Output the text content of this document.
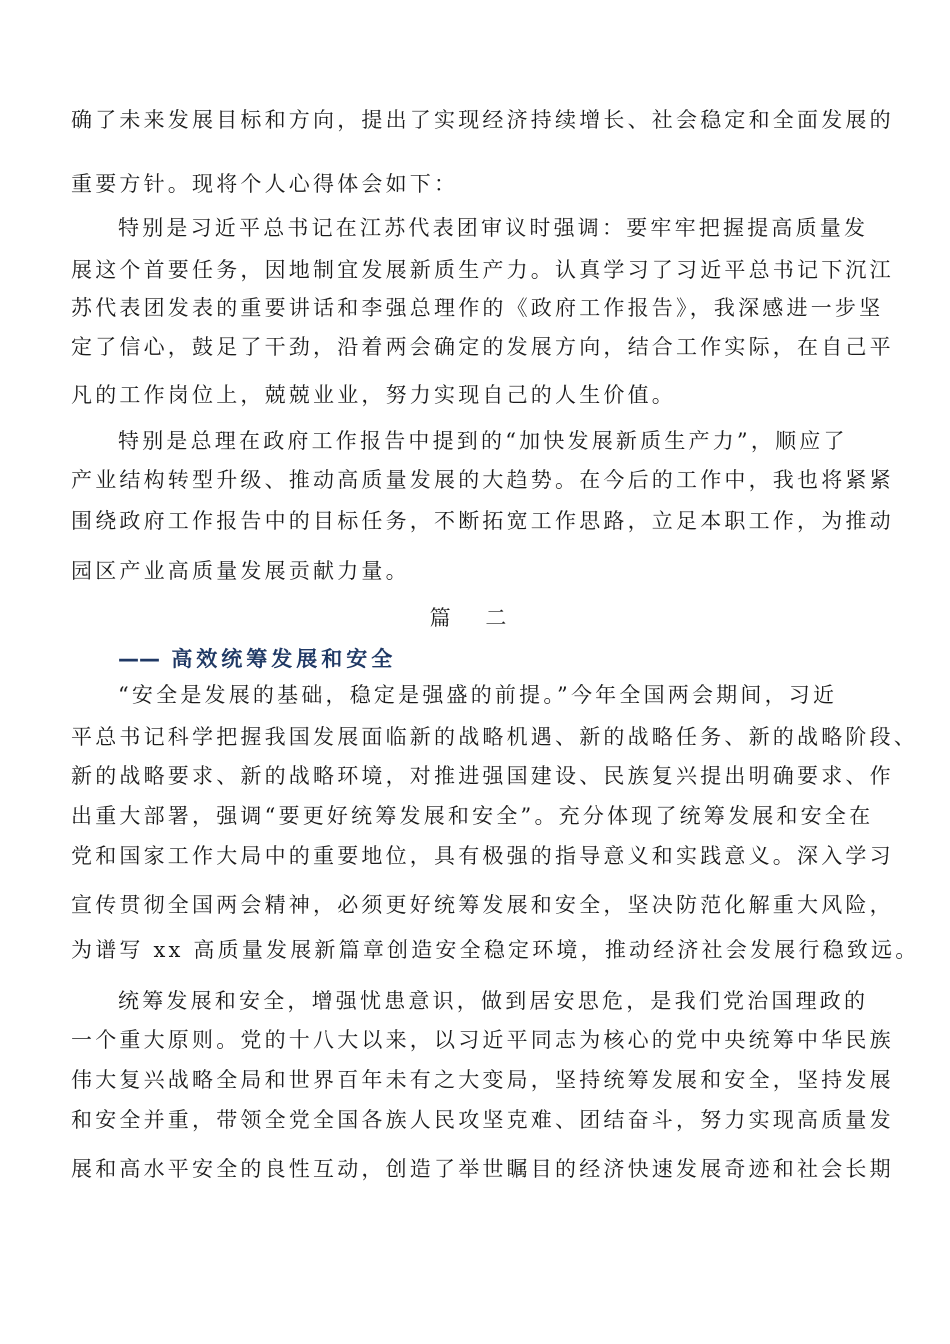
确了未来发展目标和方向，提出了实现经济持续增长、社会稳定和全面发展的
重要方针。现将个人心得体会如下：
特别是习近平总书记在江苏代表团审议时强调：要牢牢把握提高质量发
展这个首要任务，因地制宜发展新质生产力。认真学习了习近平总书记下沉江
苏代表团发表的重要讲话和李强总理作的《政府工作报告》，我深感进一步坚
定了信心，鼓足了干劲，沿着两会确定的发展方向，结合工作实际，在自己平
凡的工作岗位上，兢兢业业，努力实现自己的人生价值。
特别是总理在政府工作报告中提到的“加快发展新质生产力”，顺应了
产业结构转型升级、推动高质量发展的大趋势。在今后的工作中，我也将紧紧
围绕政府工作报告中的目标任务，不断拓宽工作思路，立足本职工作，为推动
园区产业高质量发展贡献力量。
篇 二
—— 高效统筹发展和安全
“安全是发展的基础，稳定是强盛的前提。”今年全国两会期间，习近
平总书记科学把握我国发展面临新的战略机遇、新的战略任务、新的战略阶段、
新的战略要求、新的战略环境，对推进强国建设、民族复兴提出明确要求、作
出重大部署，强调“要更好统筹发展和安全”。充分体现了统筹发展和安全在
党和国家工作大局中的重要地位，具有极强的指导意义和实践意义。深入学习
宣传贯彻全国两会精神，必须更好统筹发展和安全，坚决防范化解重大风险，
为谱写 xx 高质量发展新篇章创造安全稳定环境，推动经济社会发展行稳致远。
统筹发展和安全，增强忧患意识，做到居安思危，是我们党治国理政的
一个重大原则。党的十八大以来，以习近平同志为核心的党中央统筹中华民族
伟大复兴战略全局和世界百年未有之大变局，坚持统筹发展和安全，坚持发展
和安全并重，带领全党全国各族人民攻坚克难、团结奋斗，努力实现高质量发
展和高水平安全的良性互动，创造了举世瞩目的经济快速发展奇迹和社会长期
